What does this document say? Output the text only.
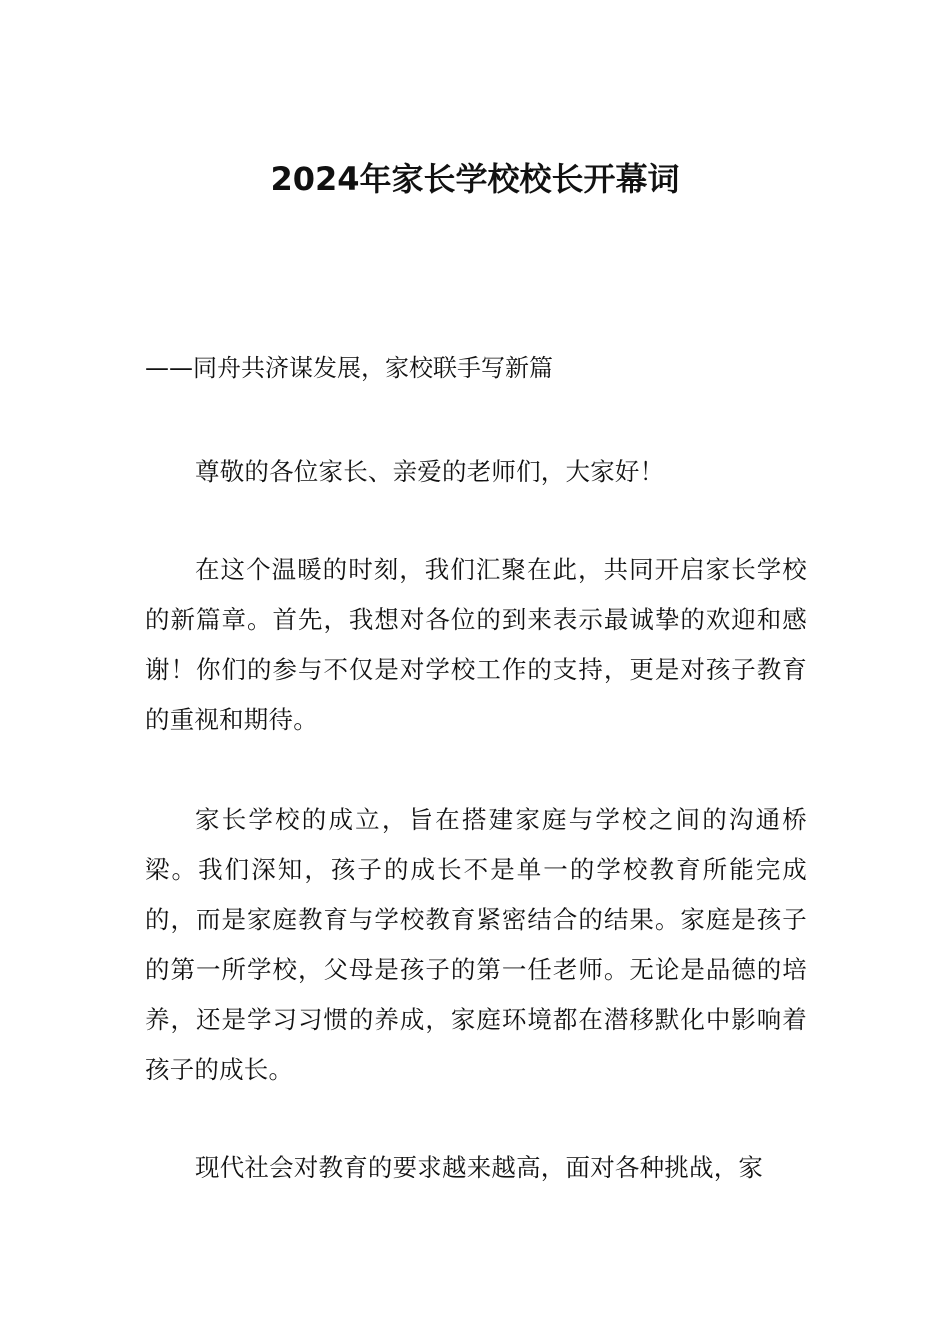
2024年家长学校校长开幕词

——同舟共济谋发展，家校联手写新篇

尊敬的各位家长、亲爱的老师们，大家好！

在这个温暖的时刻，我们汇聚在此，共同开启家长学校的新篇章。首先，我想对各位的到来表示最诚挚的欢迎和感谢！你们的参与不仅是对学校工作的支持，更是对孩子教育的重视和期待。

家长学校的成立，旨在搭建家庭与学校之间的沟通桥梁。我们深知，孩子的成长不是单一的学校教育所能完成的，而是家庭教育与学校教育紧密结合的结果。家庭是孩子的第一所学校，父母是孩子的第一任老师。无论是品德的培养，还是学习习惯的养成，家庭环境都在潜移默化中影响着孩子的成长。

现代社会对教育的要求越来越高，面对各种挑战，家
